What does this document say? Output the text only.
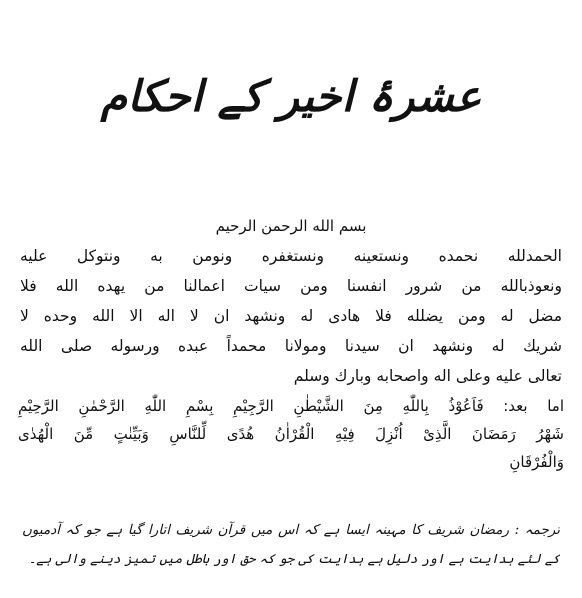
عشرۂ اخیر کے احکام
بسم الله الرحمن الرحيم
الحمدلله نحمده ونستعينه ونستغفره ونومن به ونتوكل عليه
ونعوذبالله من شرور انفسنا ومن سيات اعمالنا من يهده الله فلا
مضل له ومن يضلله فلا هادى له ونشهد ان لا اله الا الله وحده لا
شريك له ونشهد ان سيدنا ومولانا محمداً عبده ورسوله صلى الله
تعالى عليه وعلى اله واصحابه وبارك وسلم
اما بعد: فَاَعُوْذُ بِاللّٰهِ مِنَ الشَّيْطٰنِ الرَّجِيْمِ بِسْمِ اللّٰهِ الرَّحْمٰنِ الرَّحِيْمِ
شَهْرُ رَمَضَانَ الَّذِیْ اُنْزِلَ فِيْهِ الْقُرْاٰنُ هُدًى لِّلنَّاسِ وَبَيِّنٰتٍ مِّنَ الْهُدٰى
وَالْفُرْقَانِ
ترجمہ : رمضان شریف کا مہینہ ایسا ہے کہ اس میں قرآن شریف اتارا گیا ہے جو کہ آدمیوں
کے لئے ہدایت ہے اور دلیل ہے ہدایت کی جو کہ حق اور باطل میں تمیز دینے والی ہے۔
